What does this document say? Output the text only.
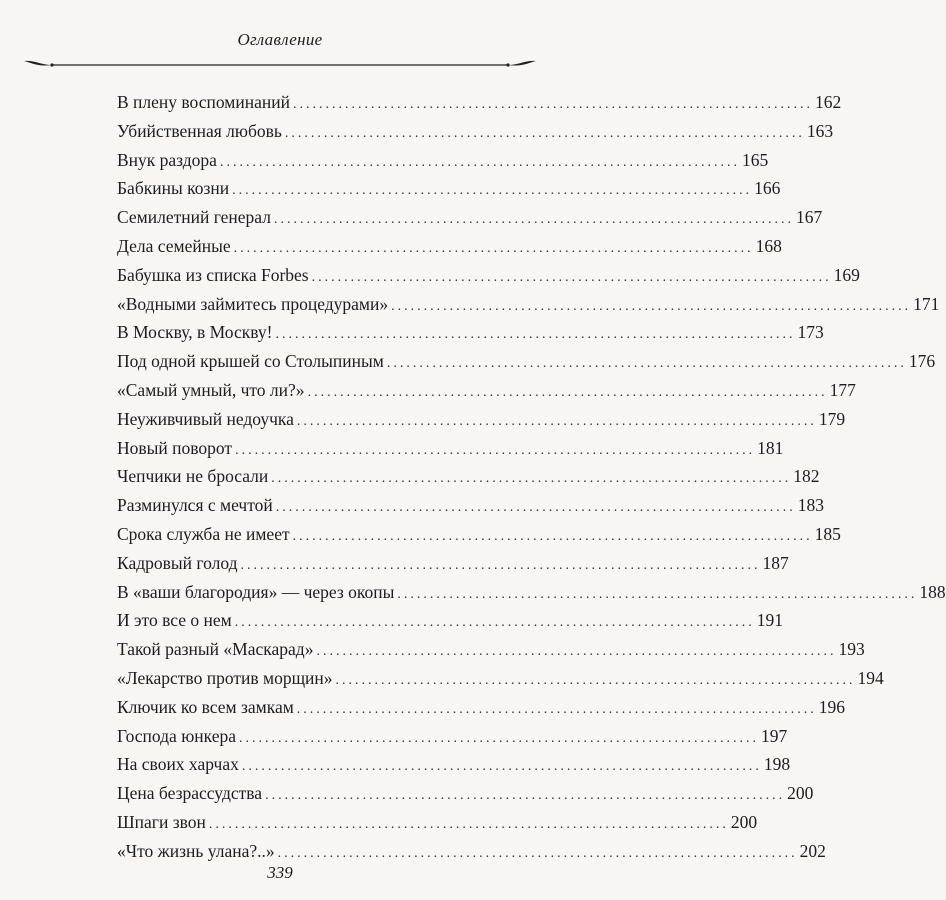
Оглавление
В плену воспоминаний ................................................................................ 162
Убийственная любовь ................................................................................ 163
Внук раздора ................................................................................ 165
Бабкины козни ................................................................................ 166
Семилетний генерал ................................................................................ 167
Дела семейные ................................................................................ 168
Бабушка из списка Forbes ................................................................................ 169
«Водными займитесь процедурами» ................................................................................ 171
В Москву, в Москву! ................................................................................ 173
Под одной крышей со Столыпиным ................................................................................ 176
«Самый умный, что ли?» ................................................................................ 177
Неуживчивый недоучка ................................................................................ 179
Новый поворот ................................................................................ 181
Чепчики не бросали ................................................................................ 182
Разминулся с мечтой ................................................................................ 183
Срока служба не имеет ................................................................................ 185
Кадровый голод ................................................................................ 187
В «ваши благородия» — через окопы ................................................................................ 188
И это все о нем ................................................................................ 191
Такой разный «Маскарад» ................................................................................ 193
«Лекарство против морщин» ................................................................................ 194
Ключик ко всем замкам ................................................................................ 196
Господа юнкера ................................................................................ 197
На своих харчах ................................................................................ 198
Цена безрассудства ................................................................................ 200
Шпаги звон ................................................................................ 200
«Что жизнь улана?..» ................................................................................ 202
339
